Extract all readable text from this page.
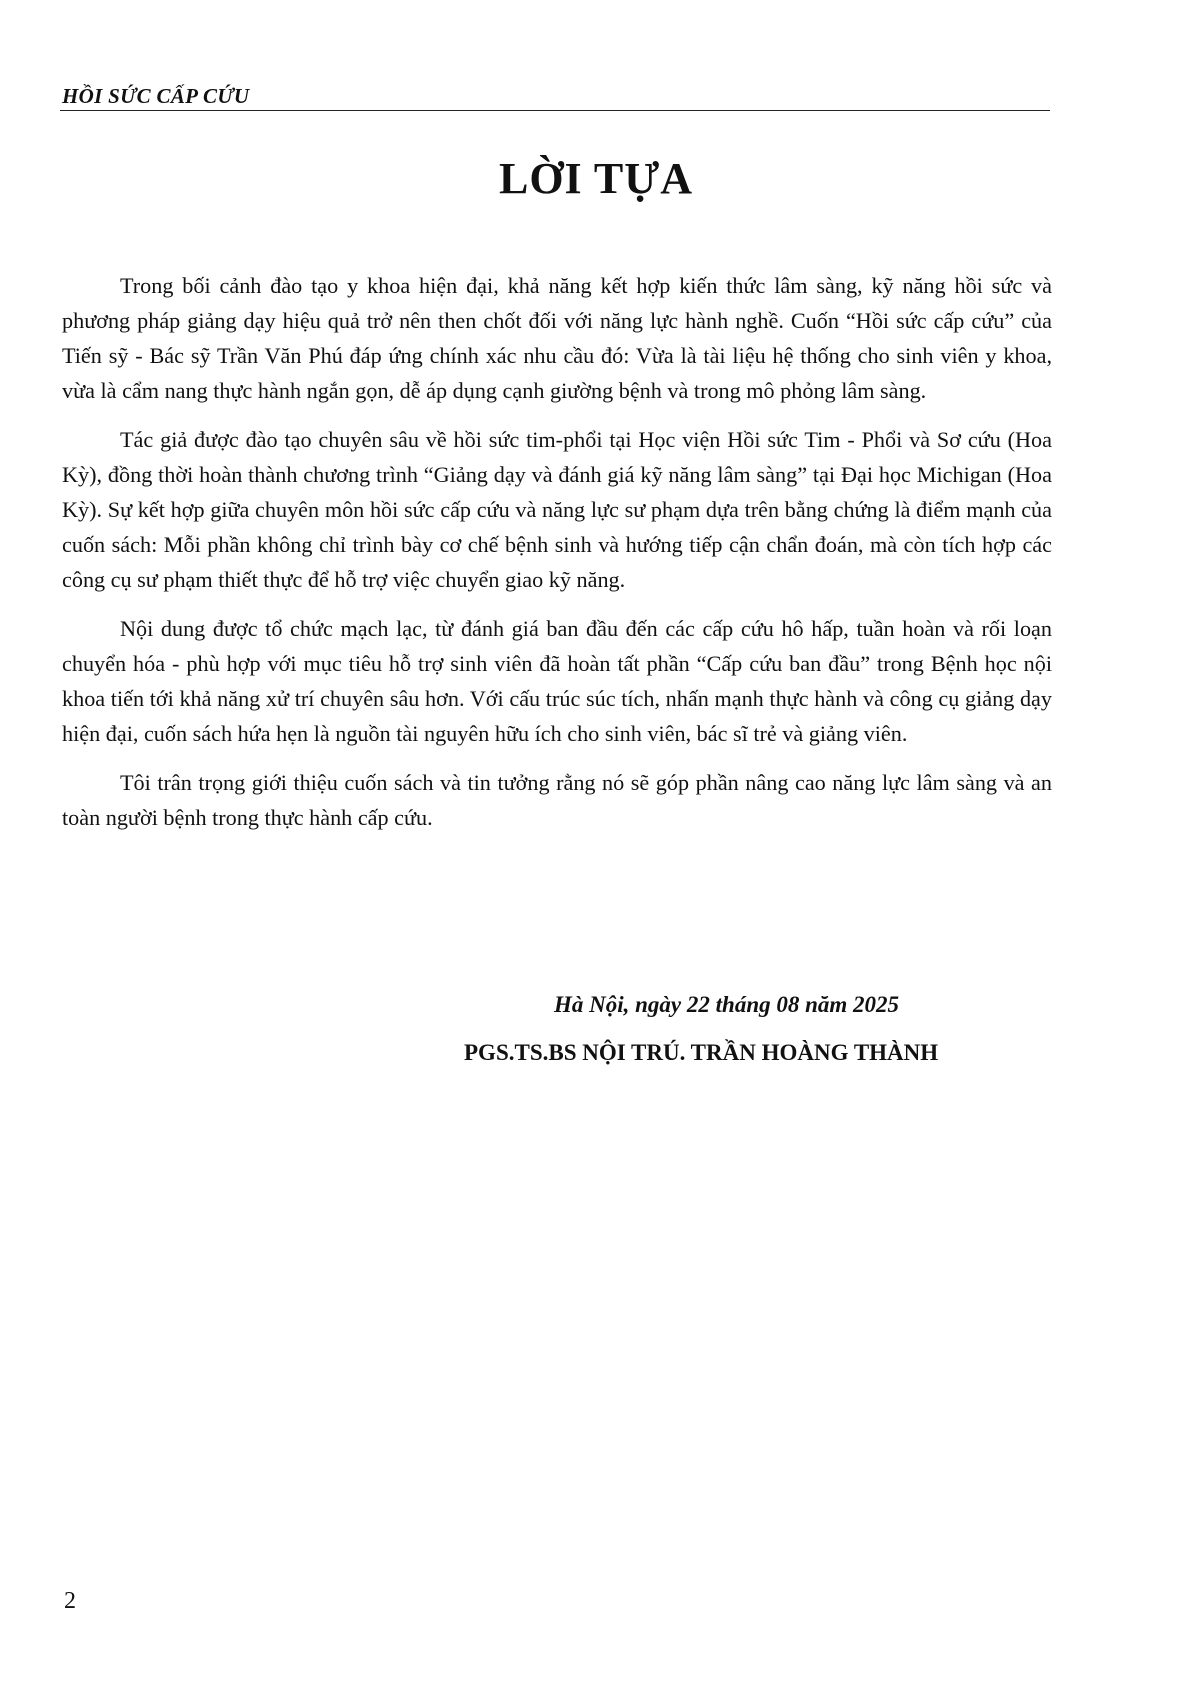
HỒI SỨC CẤP CỨU
LỜI TỰA

Trong bối cảnh đào tạo y khoa hiện đại, khả năng kết hợp kiến thức lâm sàng, kỹ năng hồi sức và phương pháp giảng dạy hiệu quả trở nên then chốt đối với năng lực hành nghề. Cuốn “Hồi sức cấp cứu” của Tiến sỹ - Bác sỹ Trần Văn Phú đáp ứng chính xác nhu cầu đó: Vừa là tài liệu hệ thống cho sinh viên y khoa, vừa là cẩm nang thực hành ngắn gọn, dễ áp dụng cạnh giường bệnh và trong mô phỏng lâm sàng.

Tác giả được đào tạo chuyên sâu về hồi sức tim-phổi tại Học viện Hồi sức Tim - Phổi và Sơ cứu (Hoa Kỳ), đồng thời hoàn thành chương trình “Giảng dạy và đánh giá kỹ năng lâm sàng” tại Đại học Michigan (Hoa Kỳ). Sự kết hợp giữa chuyên môn hồi sức cấp cứu và năng lực sư phạm dựa trên bằng chứng là điểm mạnh của cuốn sách: Mỗi phần không chỉ trình bày cơ chế bệnh sinh và hướng tiếp cận chẩn đoán, mà còn tích hợp các công cụ sư phạm thiết thực để hỗ trợ việc chuyển giao kỹ năng.

Nội dung được tổ chức mạch lạc, từ đánh giá ban đầu đến các cấp cứu hô hấp, tuần hoàn và rối loạn chuyển hóa - phù hợp với mục tiêu hỗ trợ sinh viên đã hoàn tất phần “Cấp cứu ban đầu” trong Bệnh học nội khoa tiến tới khả năng xử trí chuyên sâu hơn. Với cấu trúc súc tích, nhấn mạnh thực hành và công cụ giảng dạy hiện đại, cuốn sách hứa hẹn là nguồn tài nguyên hữu ích cho sinh viên, bác sĩ trẻ và giảng viên.

Tôi trân trọng giới thiệu cuốn sách và tin tưởng rằng nó sẽ góp phần nâng cao năng lực lâm sàng và an toàn người bệnh trong thực hành cấp cứu.

Hà Nội, ngày 22 tháng 08 năm 2025
PGS.TS.BS NỘI TRÚ. TRẦN HOÀNG THÀNH
2
